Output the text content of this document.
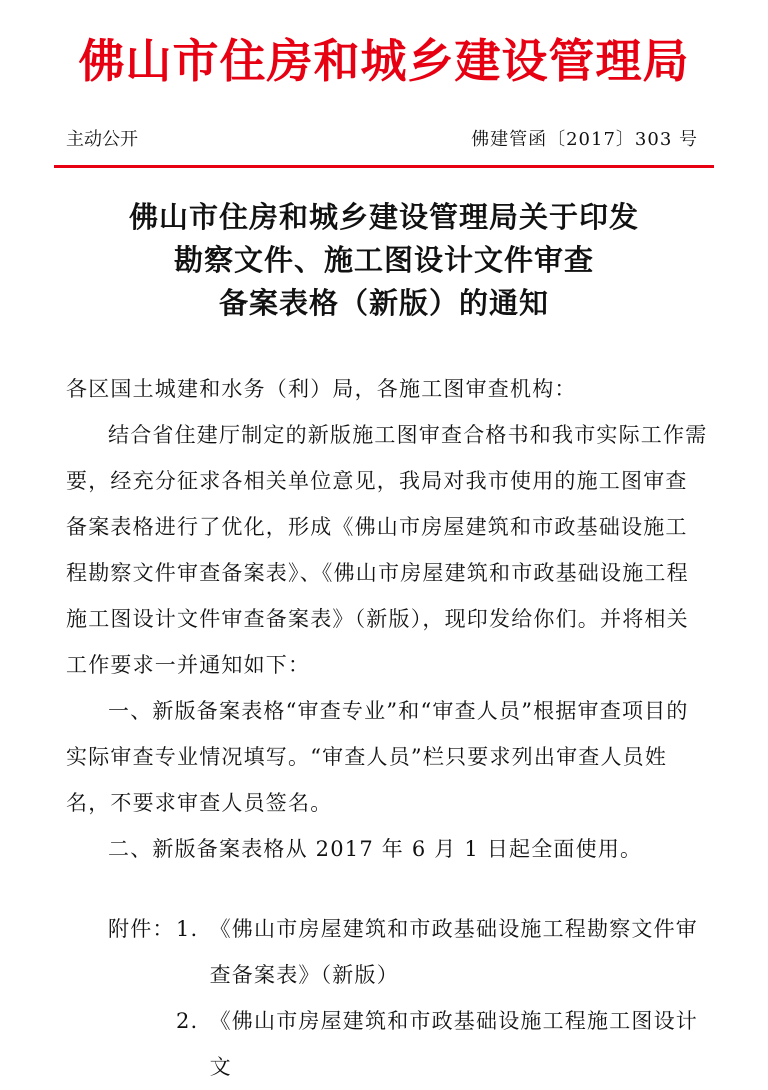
佛山市住房和城乡建设管理局
主动公开	佛建管函〔2017〕303 号
佛山市住房和城乡建设管理局关于印发
勘察文件、施工图设计文件审查
备案表格（新版）的通知

各区国土城建和水务（利）局，各施工图审查机构：

结合省住建厅制定的新版施工图审查合格书和我市实际工作需要，经充分征求各相关单位意见，我局对我市使用的施工图审查备案表格进行了优化，形成《佛山市房屋建筑和市政基础设施工程勘察文件审查备案表》、《佛山市房屋建筑和市政基础设施工程施工图设计文件审查备案表》（新版），现印发给你们。并将相关工作要求一并通知如下：

一、新版备案表格“审查专业”和“审查人员”根据审查项目的实际审查专业情况填写。“审查人员”栏只要求列出审查人员姓名，不要求审查人员签名。

二、新版备案表格从 2017 年 6 月 1 日起全面使用。

附件： 1. 《佛山市房屋建筑和市政基础设施工程勘察文件审查备案表》（新版）
2. 《佛山市房屋建筑和市政基础设施工程施工图设计文
